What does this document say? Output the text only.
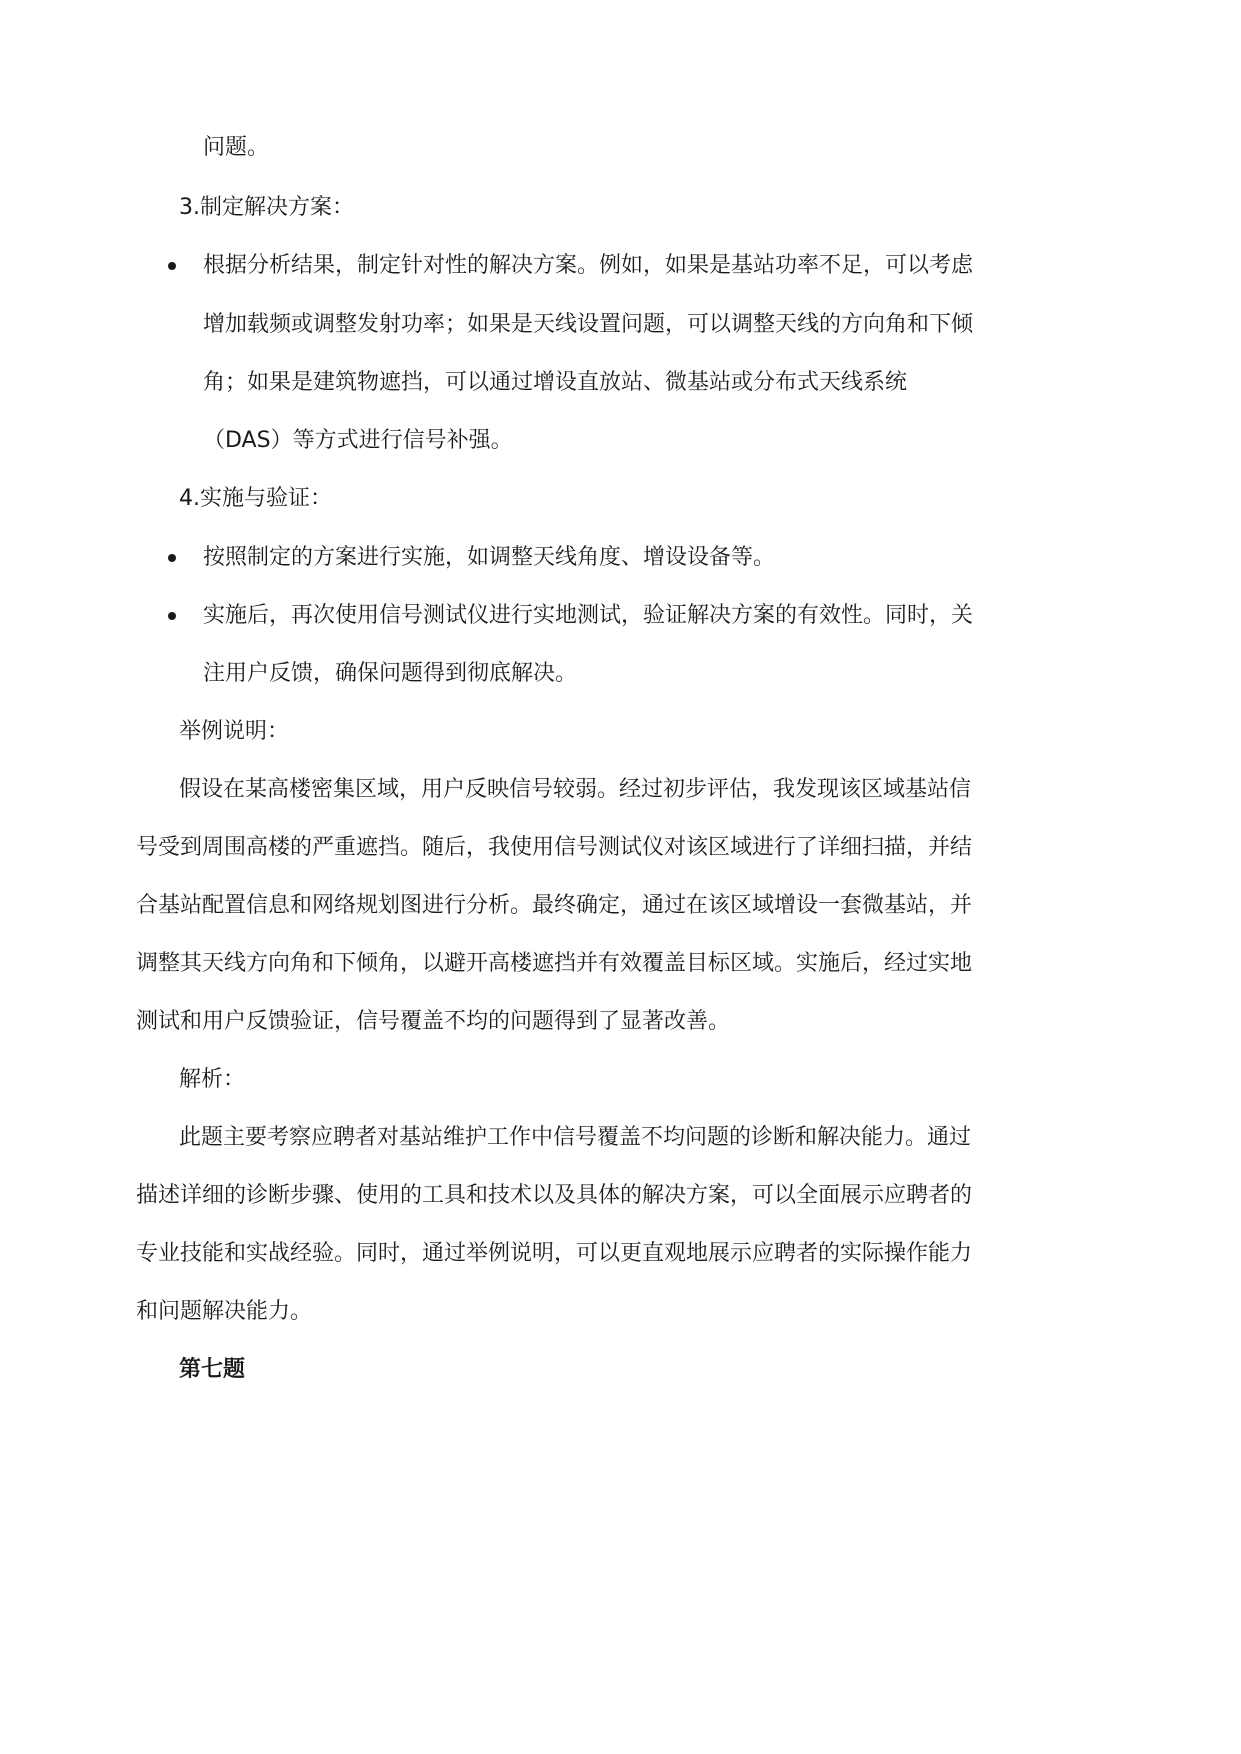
问题。
3.制定解决方案：
根据分析结果，制定针对性的解决方案。例如，如果是基站功率不足，可以考虑
增加载频或调整发射功率；如果是天线设置问题，可以调整天线的方向角和下倾
角；如果是建筑物遮挡，可以通过增设直放站、微基站或分布式天线系统
（DAS）等方式进行信号补强。
4.实施与验证：
按照制定的方案进行实施，如调整天线角度、增设设备等。
实施后，再次使用信号测试仪进行实地测试，验证解决方案的有效性。同时，关
注用户反馈，确保问题得到彻底解决。
举例说明：
假设在某高楼密集区域，用户反映信号较弱。经过初步评估，我发现该区域基站信
号受到周围高楼的严重遮挡。随后，我使用信号测试仪对该区域进行了详细扫描，并结
合基站配置信息和网络规划图进行分析。最终确定，通过在该区域增设一套微基站，并
调整其天线方向角和下倾角，以避开高楼遮挡并有效覆盖目标区域。实施后，经过实地
测试和用户反馈验证，信号覆盖不均的问题得到了显著改善。
解析：
此题主要考察应聘者对基站维护工作中信号覆盖不均问题的诊断和解决能力。通过
描述详细的诊断步骤、使用的工具和技术以及具体的解决方案，可以全面展示应聘者的
专业技能和实战经验。同时，通过举例说明，可以更直观地展示应聘者的实际操作能力
和问题解决能力。
第七题
